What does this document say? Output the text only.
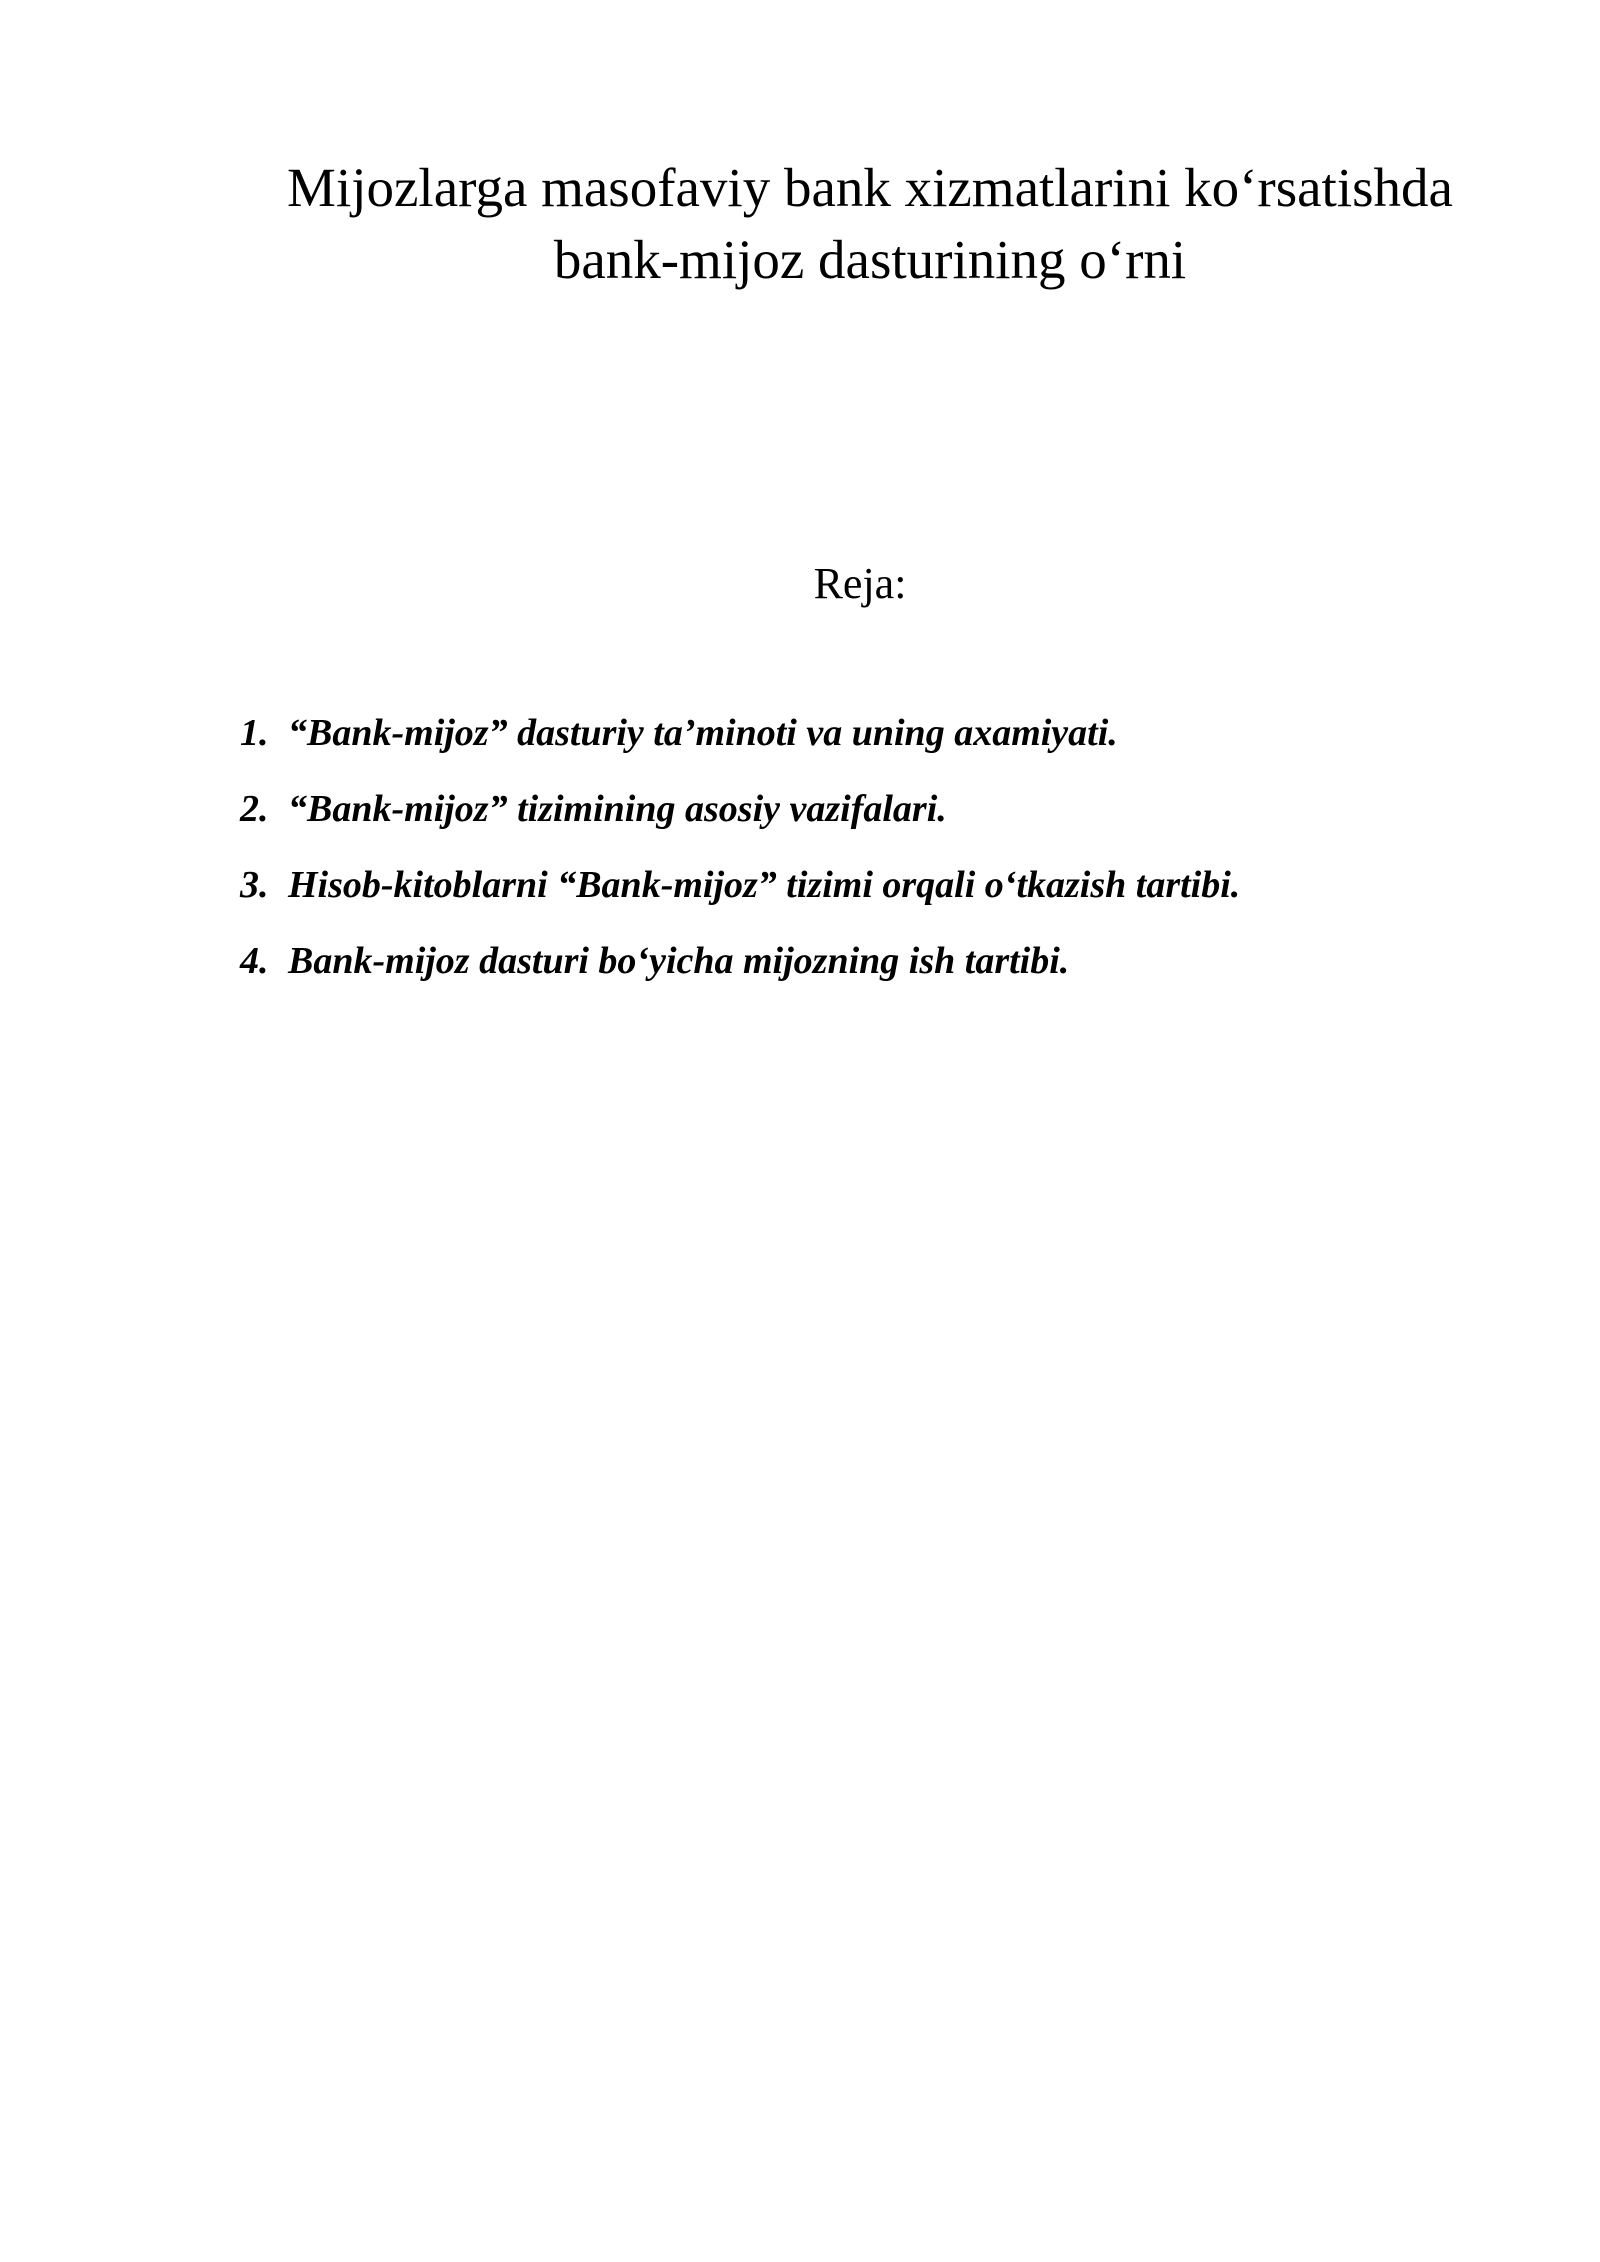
Mijozlarga masofaviy bank xizmatlarini ko‘rsatishda
bank-mijoz dasturining o‘rni
Reja:
1. “Bank-mijoz” dasturiy ta’minoti va uning axamiyati.
2. “Bank-mijoz” tizimining asosiy vazifalari.
3. Hisob-kitoblarni “Bank-mijoz” tizimi orqali o‘tkazish tartibi.
4. Bank-mijoz dasturi bo‘yicha mijozning ish tartibi.
